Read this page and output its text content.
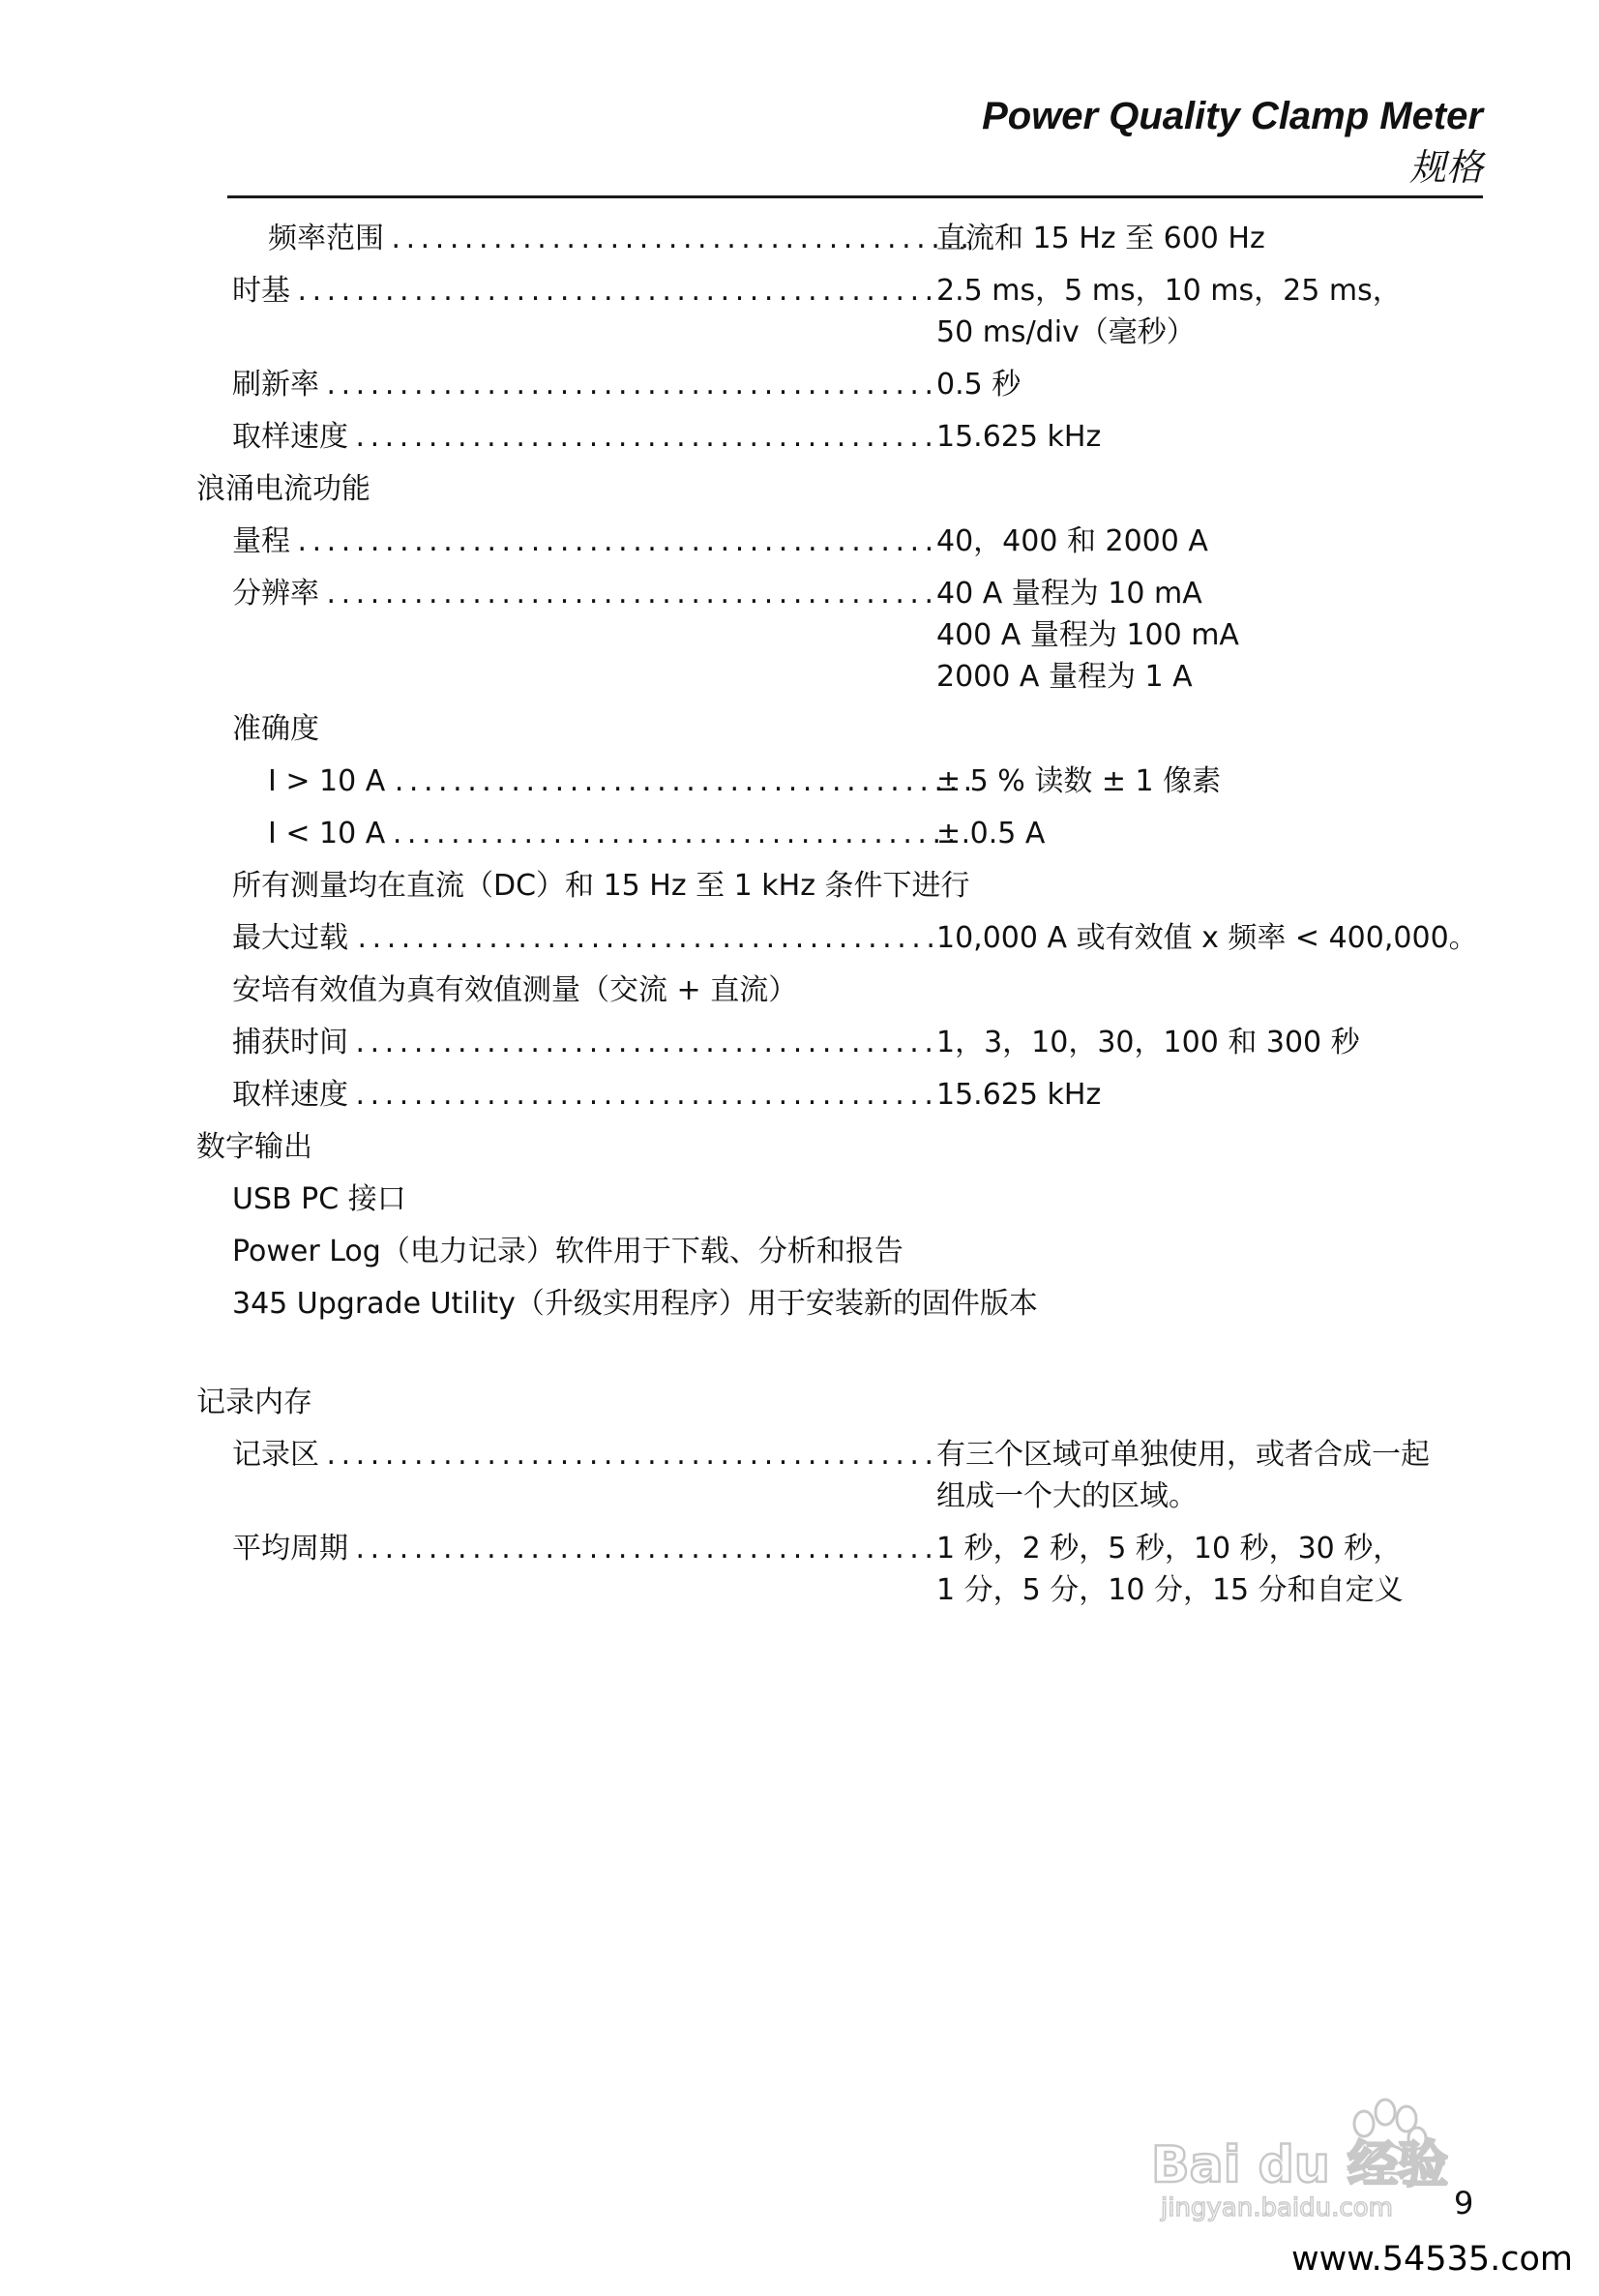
Power Quality Clamp Meter
规格
频率范围 . . .	直流和 15 Hz 至 600 Hz
时基 . . .	2.5 ms，5 ms，10 ms，25 ms，
50 ms/div（毫秒）
刷新率 . . .	0.5 秒
取样速度 . . .	15.625 kHz
浪涌电流功能
量程 . . .	40，400 和 2000 A
分辨率 . . .	40 A 量程为 10 mA
400 A 量程为 100 mA
2000 A 量程为 1 A
准确度
I > 10 A . . .	± 5 % 读数 ± 1 像素
I < 10 A . . .	± 0.5 A
所有测量均在直流（DC）和 15 Hz 至 1 kHz 条件下进行
最大过载 . . .	10,000 A 或有效值 x 频率 < 400,000。
安培有效值为真有效值测量（交流 + 直流）
捕获时间 . . .	1，3，10，30，100 和 300 秒
取样速度 . . .	15.625 kHz
数字输出
USB PC 接口
Power Log（电力记录）软件用于下载、分析和报告
345 Upgrade Utility（升级实用程序）用于安装新的固件版本
记录内存
记录区 . . .	有三个区域可单独使用，或者合成一起
组成一个大的区域。
平均周期 . . .	1 秒，2 秒，5 秒，10 秒，30 秒，
1 分，5 分，10 分，15 分和自定义
Bai du 经验
jingyan.baidu.com 9
www.54535.com
